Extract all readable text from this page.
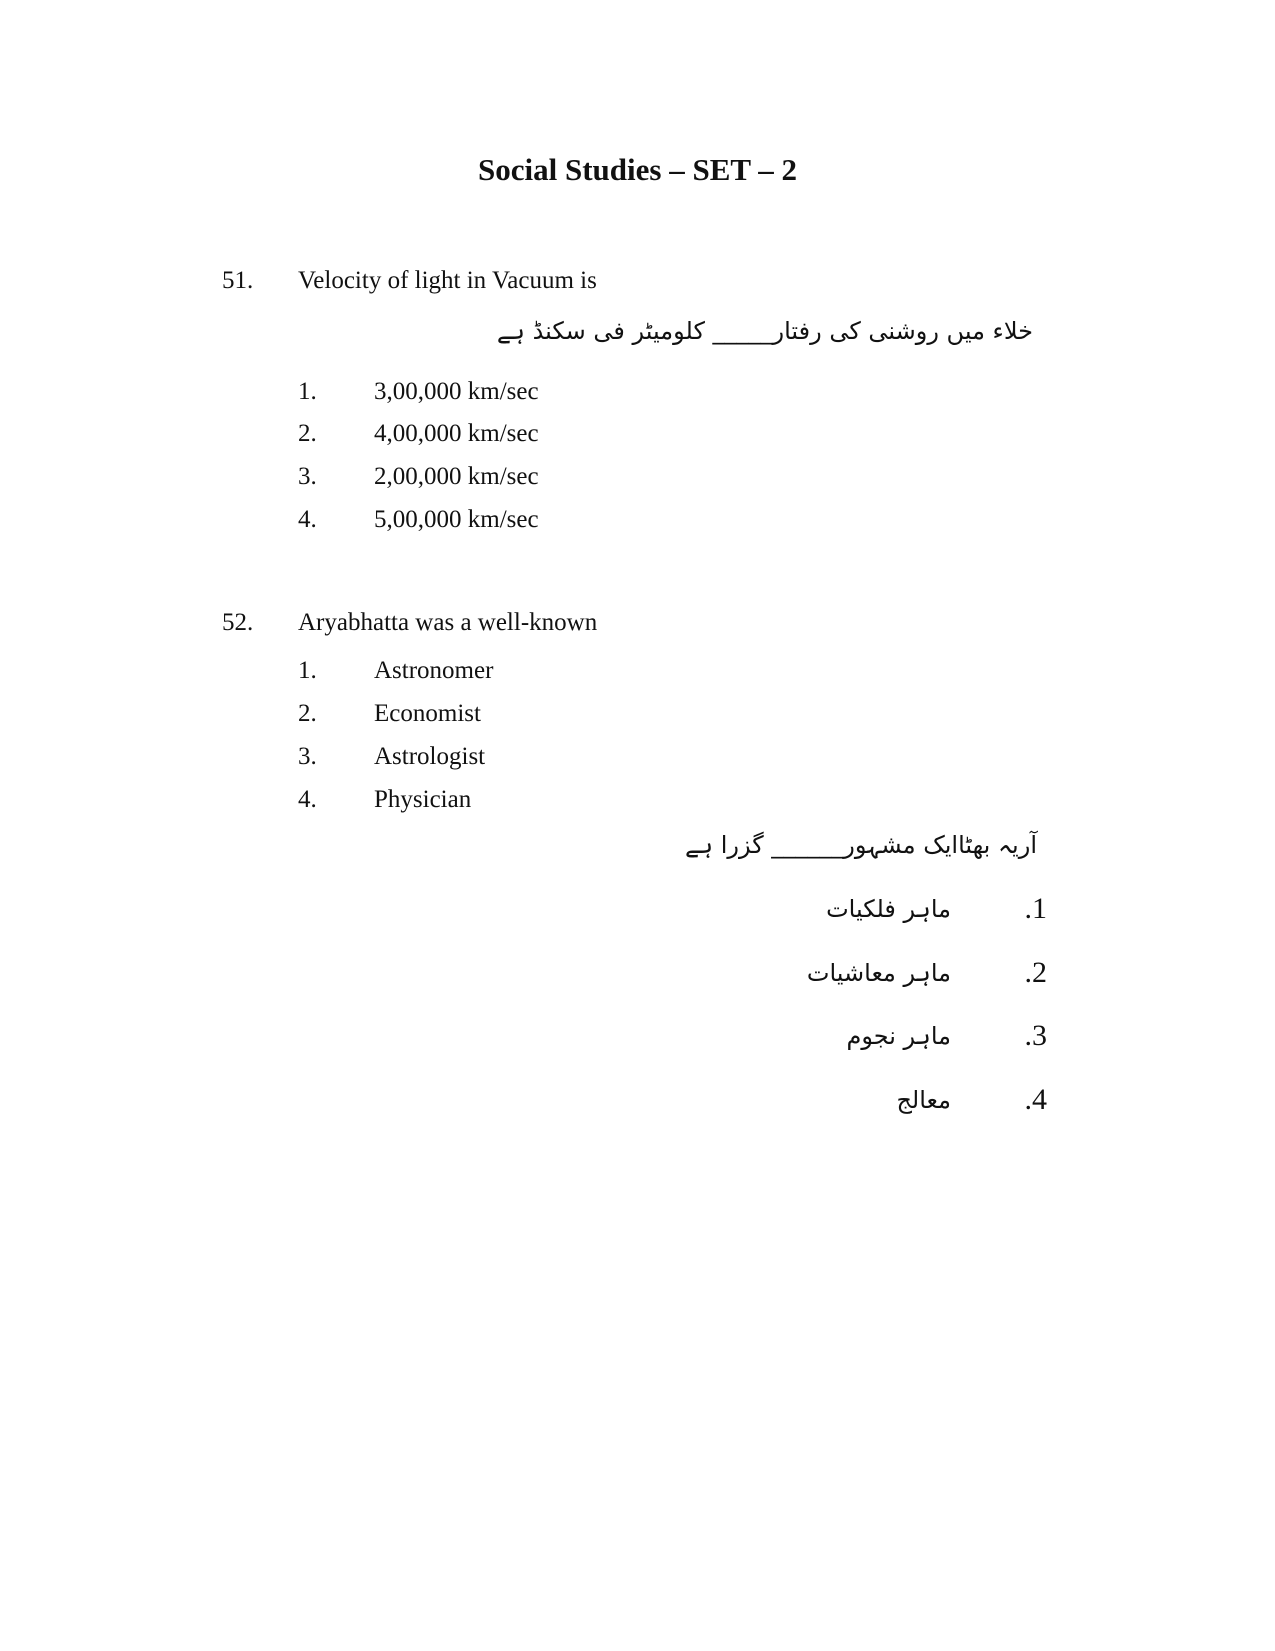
Social Studies – SET – 2
51. Velocity of light in Vacuum is
خلاء میں روشنی کی رفتار_____ کلومیٹر فی سکنڈ ہے
1. 3,00,000 km/sec
2. 4,00,000 km/sec
3. 2,00,000 km/sec
4. 5,00,000 km/sec
52. Aryabhatta was a well-known
1. Astronomer
2. Economist
3. Astrologist
4. Physician
آریہ بھٹاایک مشہور______ گزرا ہے
.1
ماہر فلکیات
.2
ماہر معاشیات
.3
ماہر نجوم
.4
معالج
